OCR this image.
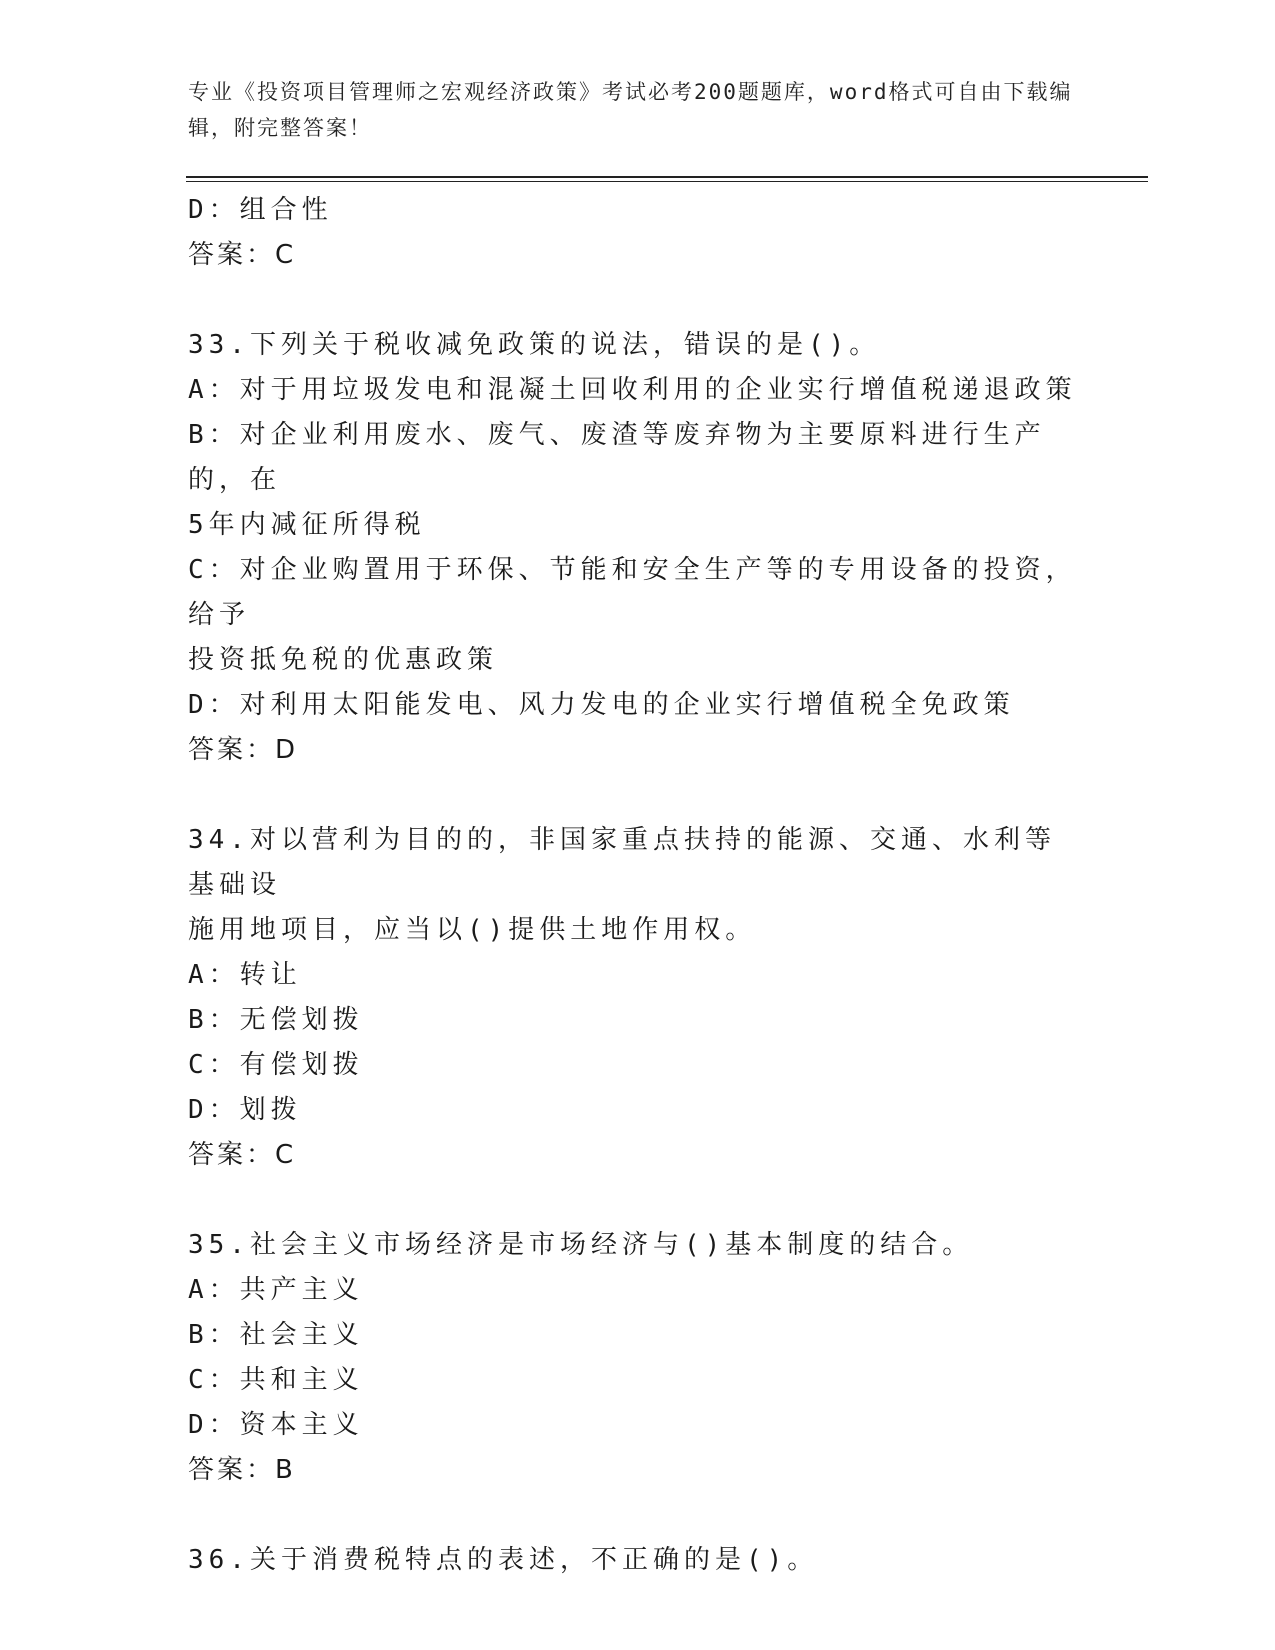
专业《投资项目管理师之宏观经济政策》考试必考200题题库，word格式可自由下载编辑，附完整答案！
D：组合性
答案：C
33.下列关于税收减免政策的说法，错误的是()。
A：对于用垃圾发电和混凝土回收利用的企业实行增值税递退政策
B：对企业利用废水、废气、废渣等废弃物为主要原料进行生产的，在
5年内减征所得税
C：对企业购置用于环保、节能和安全生产等的专用设备的投资，给予
投资抵免税的优惠政策
D：对利用太阳能发电、风力发电的企业实行增值税全免政策
答案：D
34.对以营利为目的的，非国家重点扶持的能源、交通、水利等基础设
施用地项目，应当以()提供土地作用权。
A：转让
B：无偿划拨
C：有偿划拨
D：划拨
答案：C
35.社会主义市场经济是市场经济与()基本制度的结合。
A：共产主义
B：社会主义
C：共和主义
D：资本主义
答案：B
36.关于消费税特点的表述，不正确的是()。
